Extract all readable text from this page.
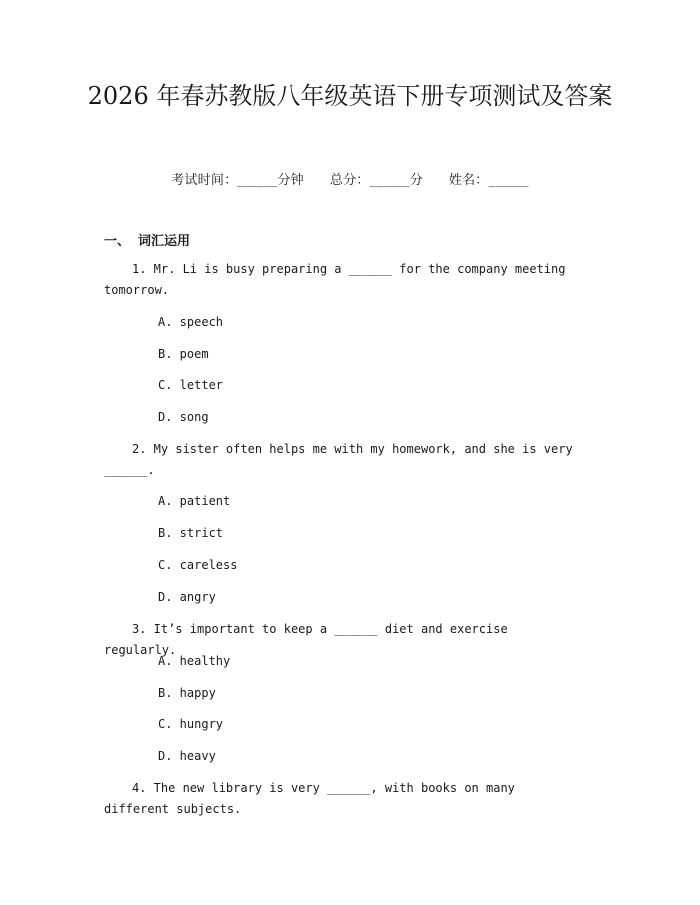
2026 年春苏教版八年级英语下册专项测试及答案
考试时间：______分钟 总分：______分 姓名：______
一、 词汇运用
1. Mr. Li is busy preparing a ______ for the company meeting tomorrow.
A. speech
B. poem
C. letter
D. song
2. My sister often helps me with my homework, and she is very ______.
A. patient
B. strict
C. careless
D. angry
3. It’s important to keep a ______ diet and exercise regularly.
A. healthy
B. happy
C. hungry
D. heavy
4. The new library is very ______, with books on many different subjects.
